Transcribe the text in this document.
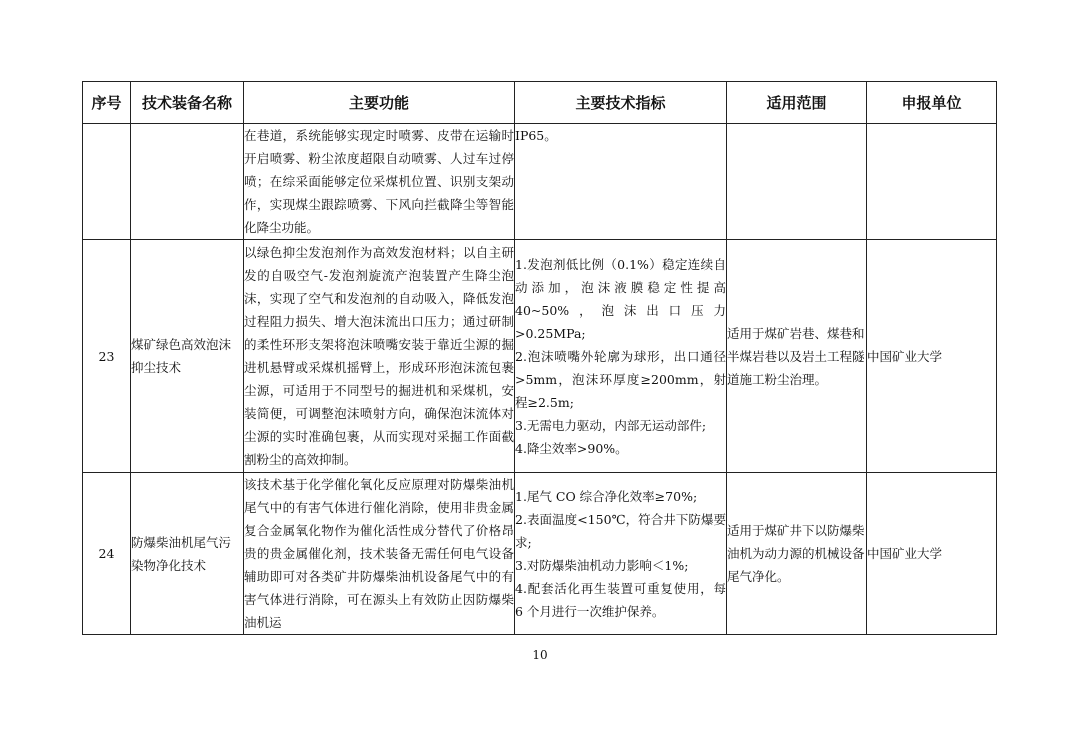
序号	技术装备名称	主要功能	主要技术指标	适用范围	申报单位
		在巷道，系统能够实现定时喷雾、皮带在运输时开启喷雾、粉尘浓度超限自动喷雾、人过车过停喷；在综采面能够定位采煤机位置、识别支架动作，实现煤尘跟踪喷雾、下风向拦截降尘等智能化降尘功能。	IP65。		

23	煤矿绿色高效泡沫抑尘技术	以绿色抑尘发泡剂作为高效发泡材料；以自主研发的自吸空气-发泡剂旋流产泡装置产生降尘泡沫，实现了空气和发泡剂的自动吸入，降低发泡过程阻力损失、增大泡沫流出口压力；通过研制的柔性环形支架将泡沫喷嘴安装于靠近尘源的掘进机悬臂或采煤机摇臂上，形成环形泡沫流包裹尘源，可适用于不同型号的掘进机和采煤机，安装简便，可调整泡沫喷射方向，确保泡沫流体对尘源的实时准确包裹，从而实现对采掘工作面截割粉尘的高效抑制。	1.发泡剂低比例（0.1%）稳定连续自动添加，泡沫液膜稳定性提高40~50%，泡沫出口压力>0.25MPa;
2.泡沫喷嘴外轮廓为球形，出口通径>5mm，泡沫环厚度≥200mm，射程≥2.5m;
3.无需电力驱动，内部无运动部件;
4.降尘效率>90%。	适用于煤矿岩巷、煤巷和半煤岩巷以及岩土工程隧道施工粉尘治理。	中国矿业大学
24	防爆柴油机尾气污染物净化技术	该技术基于化学催化氧化反应原理对防爆柴油机尾气中的有害气体进行催化消除，使用非贵金属复合金属氧化物作为催化活性成分替代了价格昂贵的贵金属催化剂，技术装备无需任何电气设备辅助即可对各类矿井防爆柴油机设备尾气中的有害气体进行消除，可在源头上有效防止因防爆柴油机运	1.尾气 CO 综合净化效率≥70%;
2.表面温度<150℃，符合井下防爆要求;
3.对防爆柴油机动力影响＜1%;
4.配套活化再生装置可重复使用，每 6 个月进行一次维护保养。	适用于煤矿井下以防爆柴油机为动力源的机械设备尾气净化。	中国矿业大学
10
